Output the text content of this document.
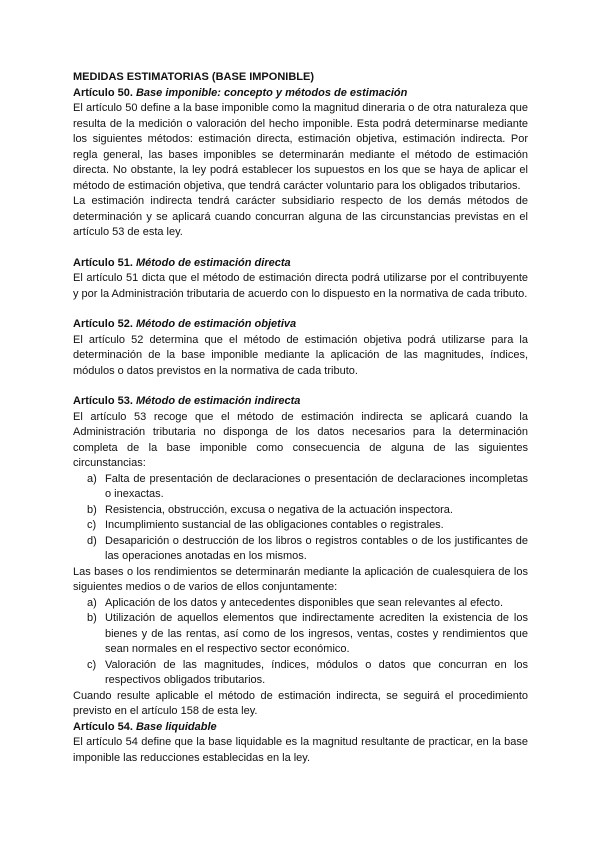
MEDIDAS ESTIMATORIAS (BASE IMPONIBLE)
Artículo 50. Base imponible: concepto y métodos de estimación

El artículo 50 define a la base imponible como la magnitud dineraria o de otra naturaleza que resulta de la medición o valoración del hecho imponible. Esta podrá determinarse mediante los siguientes métodos: estimación directa, estimación objetiva, estimación indirecta. Por regla general, las bases imponibles se determinarán mediante el método de estimación directa. No obstante, la ley podrá establecer los supuestos en los que se haya de aplicar el método de estimación objetiva, que tendrá carácter voluntario para los obligados tributarios.

La estimación indirecta tendrá carácter subsidiario respecto de los demás métodos de determinación y se aplicará cuando concurran alguna de las circunstancias previstas en el artículo 53 de esta ley.

Artículo 51. Método de estimación directa

El artículo 51 dicta que el método de estimación directa podrá utilizarse por el contribuyente y por la Administración tributaria de acuerdo con lo dispuesto en la normativa de cada tributo.

Artículo 52. Método de estimación objetiva

El artículo 52 determina que el método de estimación objetiva podrá utilizarse para la determinación de la base imponible mediante la aplicación de las magnitudes, índices, módulos o datos previstos en la normativa de cada tributo.

Artículo 53. Método de estimación indirecta

El artículo 53 recoge que el método de estimación indirecta se aplicará cuando la Administración tributaria no disponga de los datos necesarios para la determinación completa de la base imponible como consecuencia de alguna de las siguientes circunstancias:

a) Falta de presentación de declaraciones o presentación de declaraciones incompletas o inexactas.
b) Resistencia, obstrucción, excusa o negativa de la actuación inspectora.
c) Incumplimiento sustancial de las obligaciones contables o registrales.
d) Desaparición o destrucción de los libros o registros contables o de los justificantes de las operaciones anotadas en los mismos.

Las bases o los rendimientos se determinarán mediante la aplicación de cualesquiera de los siguientes medios o de varios de ellos conjuntamente:

a) Aplicación de los datos y antecedentes disponibles que sean relevantes al efecto.
b) Utilización de aquellos elementos que indirectamente acrediten la existencia de los bienes y de las rentas, así como de los ingresos, ventas, costes y rendimientos que sean normales en el respectivo sector económico.
c) Valoración de las magnitudes, índices, módulos o datos que concurran en los respectivos obligados tributarios.

Cuando resulte aplicable el método de estimación indirecta, se seguirá el procedimiento previsto en el artículo 158 de esta ley.

Artículo 54. Base liquidable

El artículo 54 define que la base liquidable es la magnitud resultante de practicar, en la base imponible las reducciones establecidas en la ley.
